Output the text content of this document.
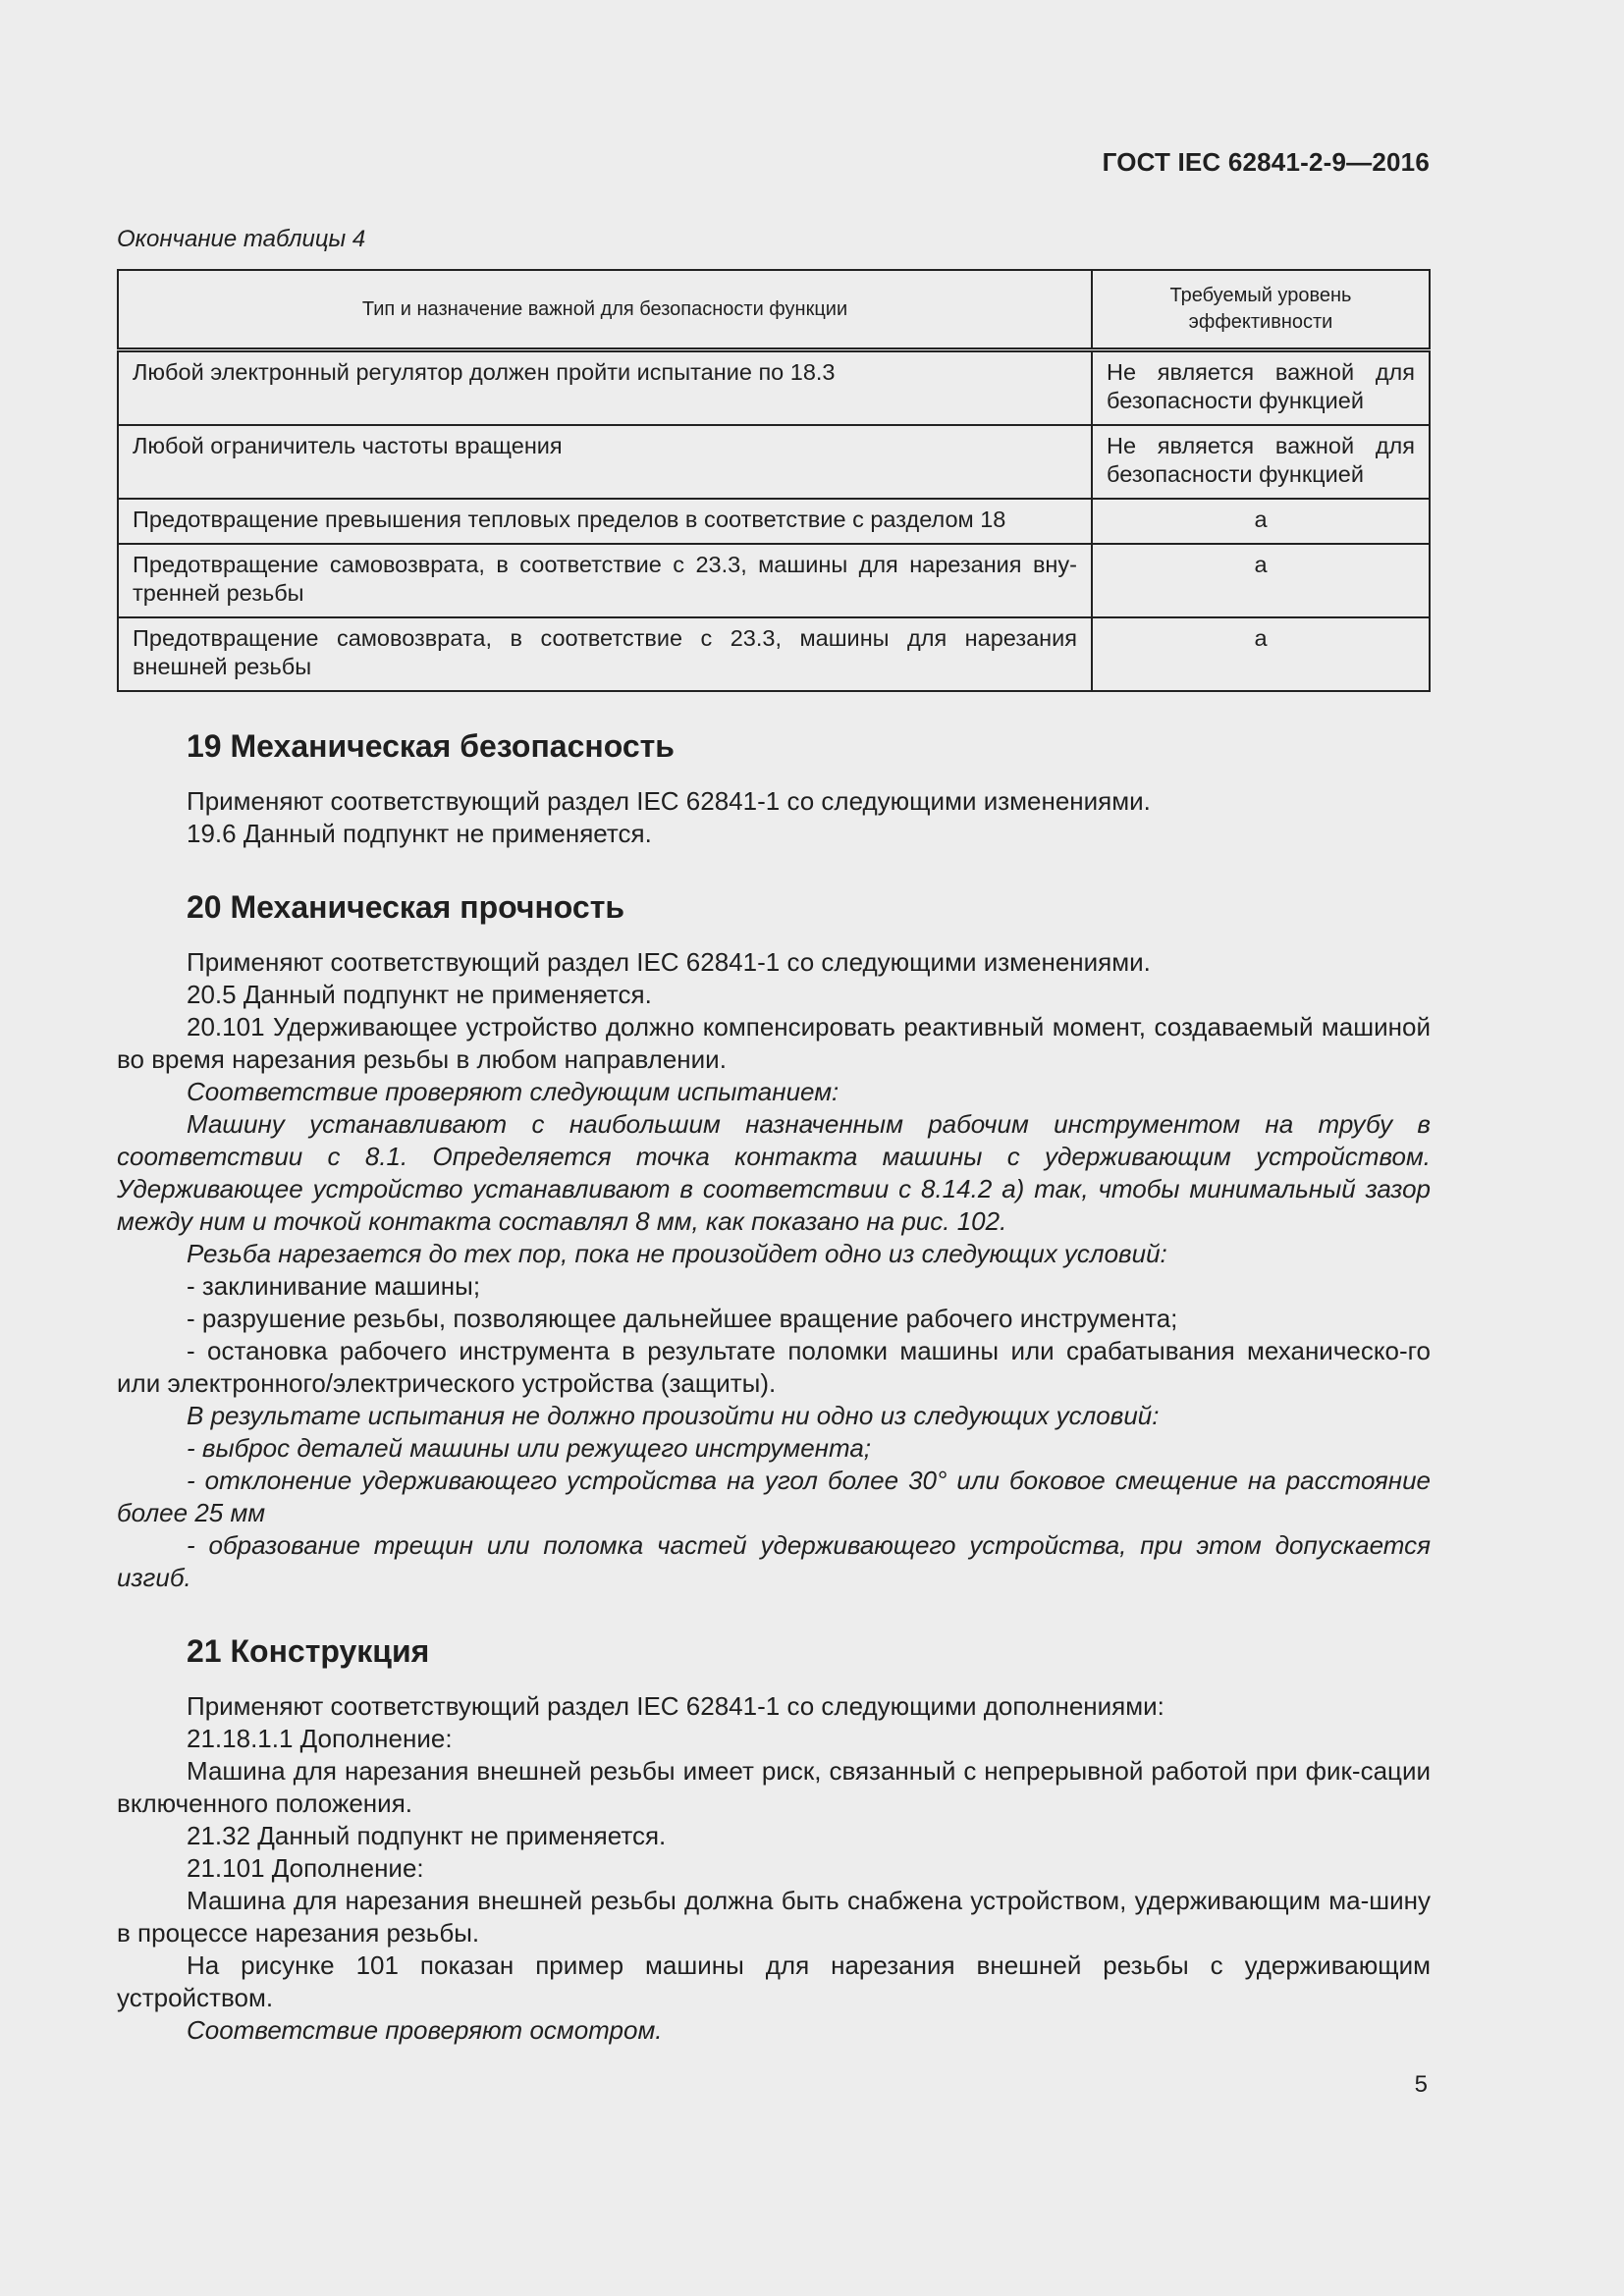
ГОСТ IEC 62841-2-9—2016
Окончание таблицы 4
Тип и назначение важной для безопасности функции	Требуемый уровень эффективности
Любой электронный регулятор должен пройти испытание по 18.3	Не является важной для безопасности функцией
Любой ограничитель частоты вращения	Не является важной для безопасности функцией
Предотвращение превышения тепловых пределов в соответствие с разделом 18	a
Предотвращение самовозврата, в соответствие с 23.3, машины для нарезания вну-тренней резьбы	a
Предотвращение самовозврата, в соответствие с 23.3, машины для нарезания внешней резьбы	a
19 Механическая безопасность

Применяют соответствующий раздел IEC 62841-1 со следующими изменениями.

19.6 Данный подпункт не применяется.

20 Механическая прочность

Применяют соответствующий раздел IEC 62841-1 со следующими изменениями.

20.5 Данный подпункт не применяется.

20.101 Удерживающее устройство должно компенсировать реактивный момент, создаваемый машиной во время нарезания резьбы в любом направлении.

Соответствие проверяют следующим испытанием:

Машину устанавливают с наибольшим назначенным рабочим инструментом на трубу в соответствии с 8.1. Определяется точка контакта машины с удерживающим устройством. Удерживающее устройство устанавливают в соответствии с 8.14.2 a) так, чтобы минимальный зазор между ним и точкой контакта составлял 8 мм, как показано на рис. 102.

Резьба нарезается до тех пор, пока не произойдет одно из следующих условий:

- заклинивание машины;

- разрушение резьбы, позволяющее дальнейшее вращение рабочего инструмента;

- остановка рабочего инструмента в результате поломки машины или срабатывания механическо-го или электронного/электрического устройства (защиты).

В результате испытания не должно произойти ни одно из следующих условий:

- выброс деталей машины или режущего инструмента;

- отклонение удерживающего устройства на угол более 30° или боковое смещение на расстояние более 25 мм

- образование трещин или поломка частей удерживающего устройства, при этом допускается изгиб.

21 Конструкция

Применяют соответствующий раздел IEC 62841-1 со следующими дополнениями:

21.18.1.1 Дополнение:

Машина для нарезания внешней резьбы имеет риск, связанный с непрерывной работой при фик-сации включенного положения.

21.32 Данный подпункт не применяется.

21.101 Дополнение:

Машина для нарезания внешней резьбы должна быть снабжена устройством, удерживающим ма-шину в процессе нарезания резьбы.

На рисунке 101 показан пример машины для нарезания внешней резьбы с удерживающим устройством.

Соответствие проверяют осмотром.

5
